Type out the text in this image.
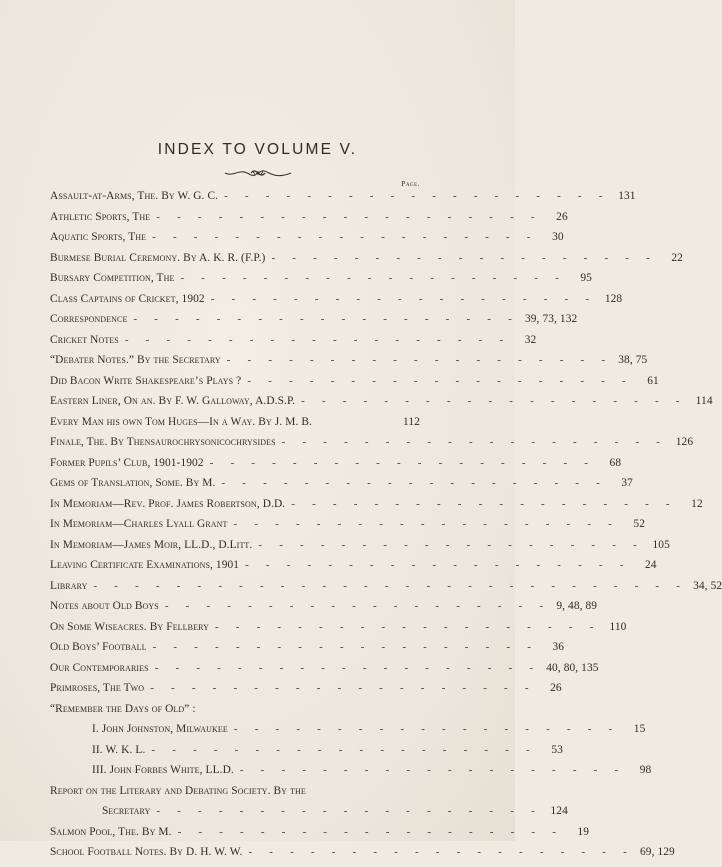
INDEX TO VOLUME V.
Page.
Assault-at-Arms, The. By W. G. C. - - - - - - - - - - - - - - - - - - - 131
Athletic Sports, The - - - - - - - - - - - - - - - - - - -	26
Aquatic Sports, The - - - - - - - - - - - - - - - - - - -	30
Burmese Burial Ceremony. By A. K. R. (F.P.) - - - - - - - - - - - - - - - - - - -	22
Bursary Competition, The - - - - - - - - - - - - - - - - - - -	95
Class Captains of Cricket, 1902 - - - - - - - - - - - - - - - - - - - 128
Correspondence - - - - - - - - - - - - - - - - - - - 39, 73, 132
Cricket Notes - - - - - - - - - - - - - - - - - - -	32
“Debater Notes.” By the Secretary - - - - - - - - - - - - - - - - - - - 38, 75
Did Bacon Write Shakespeare’s Plays ? - - - - - - - - - - - - - - - - - - -	61
Eastern Liner, On an. By F. W. Galloway, A.D.S.P. - - - - - - - - - - - - - - - - - - - 114
Every Man his own Tom Huges—In a Way. By J. M. B.	112
Finale, The. By Thensaurochrysonicochrysides - - - - - - - - - - - - - - - - - - - 126
Former Pupils’ Club, 1901-1902 - - - - - - - - - - - - - - - - - - -	68
Gems of Translation, Some. By M. - - - - - - - - - - - - - - - - - - -	37
In Memoriam—Rev. Prof. James Robertson, D.D. - - - - - - - - - - - - - - - - - - -	12
In Memoriam—Charles Lyall Grant - - - - - - - - - - - - - - - - - - -	52
In Memoriam—James Moir, LL.D., D.Litt. - - - - - - - - - - - - - - - - - - - 105
Leaving Certificate Examinations, 1901 - - - - - - - - - - - - - - - - - - -	24
Library - - - - - - - - - - - - - - - - - - - - - - - - - - - - - 34, 52
Notes about Old Boys - - - - - - - - - - - - - - - - - - - 9, 48, 89
On Some Wiseacres. By Fellbery - - - - - - - - - - - - - - - - - - - 110
Old Boys’ Football - - - - - - - - - - - - - - - - - - -	36
Our Contemporaries - - - - - - - - - - - - - - - - - - - 40, 80, 135
Primroses, The Two - - - - - - - - - - - - - - - - - - -	26
“Remember the Days of Old” :
I. John Johnston, Milwaukee - - - - - - - - - - - - - - - - - - -	15
II. W. K. L. - - - - - - - - - - - - - - - - - - -	53
III. John Forbes White, LL.D. - - - - - - - - - - - - - - - - - - -	98
Report on the Literary and Debating Society. By the
Secretary - - - - - - - - - - - - - - - - - - - 124
Salmon Pool, The. By M. - - - - - - - - - - - - - - - - - - -	19
School Football Notes. By D. H. W. W. - - - - - - - - - - - - - - - - - - - 69, 129
